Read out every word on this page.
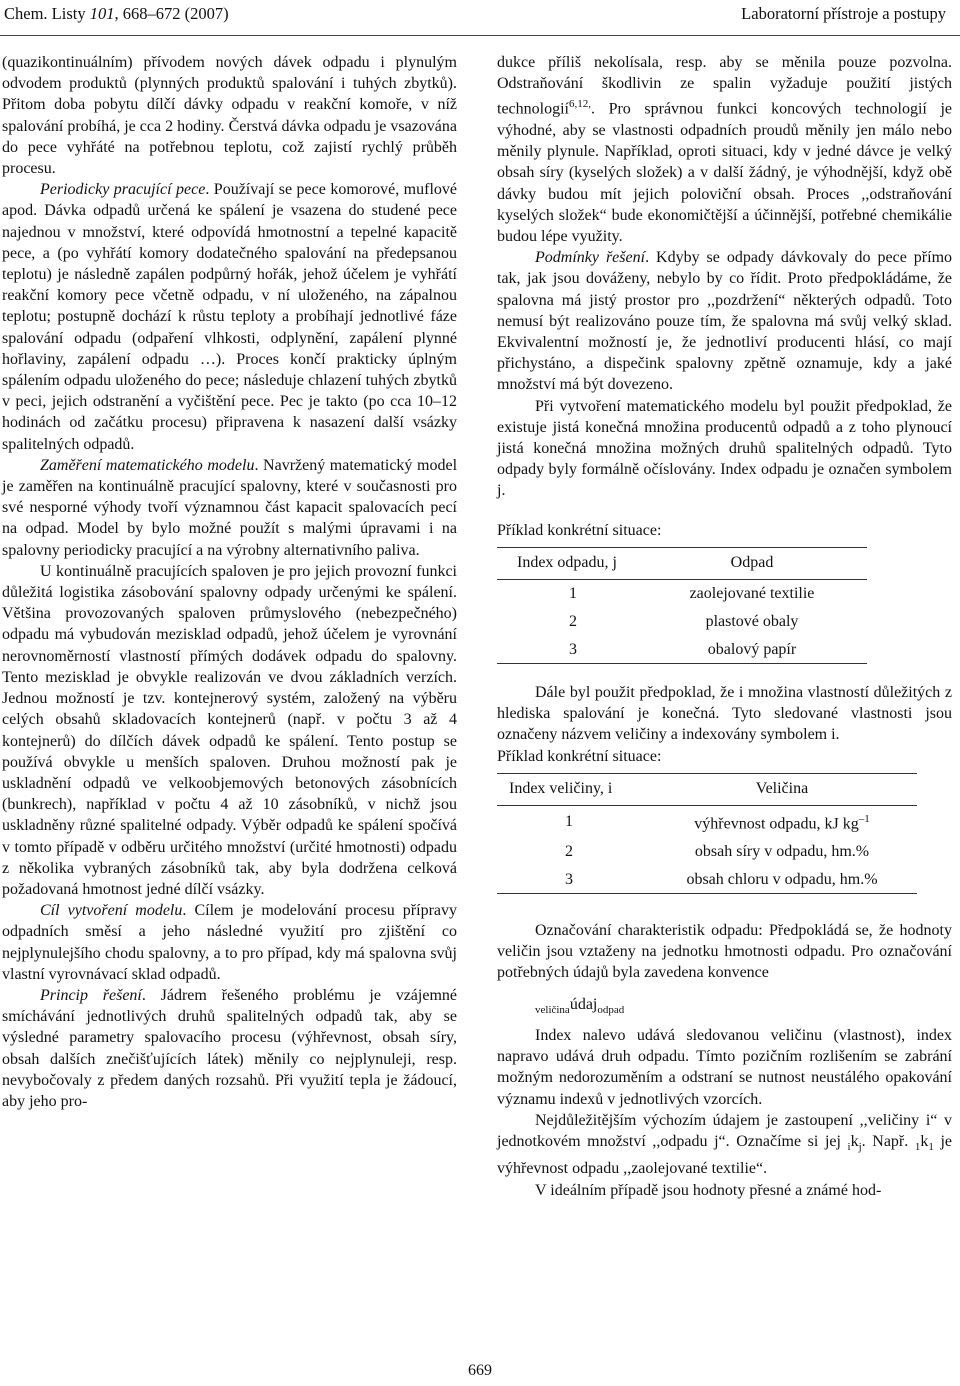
Chem. Listy 101, 668–672 (2007)	Laboratorní přístroje a postupy

(quazikontinuálním) přívodem nových dávek odpadu i plynulým odvodem produktů (plynných produktů spalování i tuhých zbytků). Přitom doba pobytu dílčí dávky odpadu v reakční komoře, v níž spalování probíhá, je cca 2 hodiny. Čerstvá dávka odpadu je vsazována do pece vyhřáté na potřebnou teplotu, což zajistí rychlý průběh procesu.

Periodicky pracující pece. Používají se pece komorové, muflové apod. Dávka odpadů určená ke spálení je vsazena do studené pece najednou v množství, které odpovídá hmotnostní a tepelné kapacitě pece, a (po vyhřátí komory dodatečného spalování na předepsanou teplotu) je následně zapálen podpůrný hořák, jehož účelem je vyhřátí reakční komory pece včetně odpadu, v ní uloženého, na zápalnou teplotu; postupně dochází k růstu teploty a probíhají jednotlivé fáze spalování odpadu (odpaření vlhkosti, odplynění, zapálení plynné hořlaviny, zapálení odpadu …). Proces končí prakticky úplným spálením odpadu uloženého do pece; následuje chlazení tuhých zbytků v peci, jejich odstranění a vyčištění pece. Pec je takto (po cca 10–12 hodinách od začátku procesu) připravena k nasazení další vsázky spalitelných odpadů.

Zaměření matematického modelu. Navržený matematický model je zaměřen na kontinuálně pracující spalovny, které v současnosti pro své nesporné výhody tvoří významnou část kapacit spalovacích pecí na odpad. Model by bylo možné použít s malými úpravami i na spalovny periodicky pracující a na výrobny alternativního paliva.

U kontinuálně pracujících spaloven je pro jejich provozní funkci důležitá logistika zásobování spalovny odpady určenými ke spálení. Většina provozovaných spaloven průmyslového (nebezpečného) odpadu má vybudován mezisklad odpadů, jehož účelem je vyrovnání nerovnoměrností vlastností přímých dodávek odpadu do spalovny. Tento mezisklad je obvykle realizován ve dvou základních verzích. Jednou možností je tzv. kontejnerový systém, založený na výběru celých obsahů skladovacích kontejnerů (např. v počtu 3 až 4 kontejnerů) do dílčích dávek odpadů ke spálení. Tento postup se používá obvykle u menších spaloven. Druhou možností pak je uskladnění odpadů ve velkoobjemových betonových zásobnících (bunkrech), například v počtu 4 až 10 zásobníků, v nichž jsou uskladněny různé spalitelné odpady. Výběr odpadů ke spálení spočívá v tomto případě v odběru určitého množství (určité hmotnosti) odpadu z několika vybraných zásobníků tak, aby byla dodržena celková požadovaná hmotnost jedné dílčí vsázky.

Cíl vytvoření modelu. Cílem je modelování procesu přípravy odpadních směsí a jeho následné využití pro zjištění co nejplynulejšího chodu spalovny, a to pro případ, kdy má spalovna svůj vlastní vyrovnávací sklad odpadů.

Princip řešení. Jádrem řešeného problému je vzájemné smíchávání jednotlivých druhů spalitelných odpadů tak, aby se výsledné parametry spalovacího procesu (výhřevnost, obsah síry, obsah dalších znečišťujících látek) měnily co nejplynuleji, resp. nevybočovaly z předem daných rozsahů. Při využití tepla je žádoucí, aby jeho pro-

dukce příliš nekolísala, resp. aby se měnila pouze pozvolna. Odstraňování škodlivin ze spalin vyžaduje použití jistých technologií$^{6,12,}$. Pro správnou funkci koncových technologií je výhodné, aby se vlastnosti odpadních proudů měnily jen málo nebo měnily plynule. Například, oproti situaci, kdy v jedné dávce je velký obsah síry (kyselých složek) a v další žádný, je výhodnější, když obě dávky budou mít jejich poloviční obsah. Proces ,,odstraňování kyselých složek“ bude ekonomičtější a účinnější, potřebné chemikálie budou lépe využity.

Podmínky řešení. Kdyby se odpady dávkovaly do pece přímo tak, jak jsou dováženy, nebylo by co řídit. Proto předpokládáme, že spalovna má jistý prostor pro ,,pozdržení“ některých odpadů. Toto nemusí být realizováno pouze tím, že spalovna má svůj velký sklad. Ekvivalentní možností je, že jednotliví producenti hlásí, co mají přichystáno, a dispečink spalovny zpětně oznamuje, kdy a jaké množství má být dovezeno.

Při vytvoření matematického modelu byl použit předpoklad, že existuje jistá konečná množina producentů odpadů a z toho plynoucí jistá konečná množina možných druhů spalitelných odpadů. Tyto odpady byly formálně očíslovány. Index odpadu je označen symbolem j.

Příklad konkrétní situace:

Index odpadu, j	Odpad
1	zaolejované textilie
2	plastové obaly
3	obalový papír

Dále byl použit předpoklad, že i množina vlastností důležitých z hlediska spalování je konečná. Tyto sledované vlastnosti jsou označeny názvem veličiny a indexovány symbolem i.

Příklad konkrétní situace:

Index veličiny, i	Veličina
1	výhřevnost odpadu, kJ $kg^{-1}$
2	obsah síry v odpadu, hm.%
3	obsah chloru v odpadu, hm.%

Označování charakteristik odpadu: Předpokládá se, že hodnoty veličin jsou vztaženy na jednotku hmotnosti odpadu. Pro označování potřebných údajů byla zavedena konvence

$_{veličina}$údaj$_{odpad}$

Index nalevo udává sledovanou veličinu (vlastnost), index napravo udává druh odpadu. Tímto pozičním rozlišením se zabrání možným nedorozuměním a odstraní se nutnost neustálého opakování významu indexů v jednotlivých vzorcích.

Nejdůležitějším výchozím údajem je zastoupení ,,veličiny i“ v jednotkovém množství ,,odpadu j“. Označíme si jej $_ik_j$. Např. $_1k_1$ je výhřevnost odpadu ,,zaolejované textilie“.

V ideálním případě jsou hodnoty přesné a známé hod-

669
